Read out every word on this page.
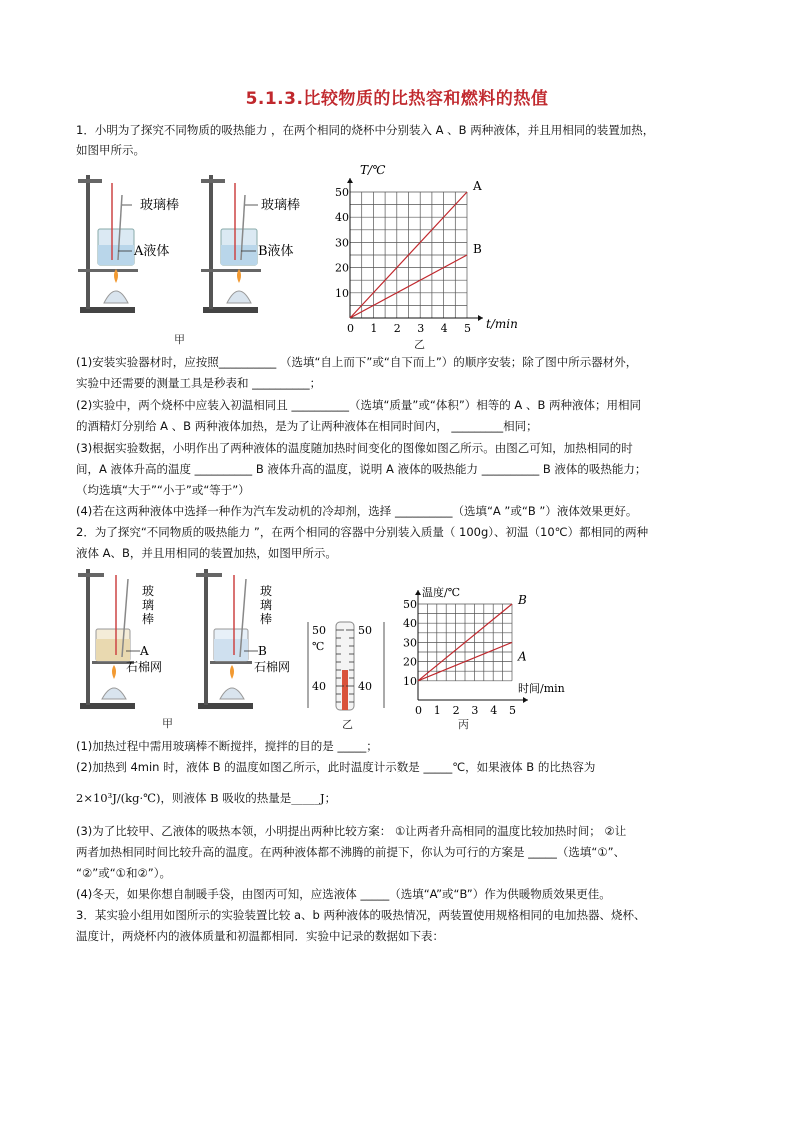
5.1.3.比较物质的比热容和燃料的热值
1．小明为了探究不同物质的吸热能力 ，在两个相同的烧杯中分别装入 A 、B 两种液体，并且用相同的装置加热，
如图甲所示。
玻璃棒
A液体
玻璃棒
B液体
甲
0 1 2 3 4 5
10
20
30
40
50	A
B
T/℃
t/min
乙
(1)安装实验器材时，应按照__________ （选填“自上而下”或“自下而上”）的顺序安装；除了图中所示器材外，
实验中还需要的测量工具是秒表和 __________；
(2)实验中，两个烧杯中应装入初温相同且 __________（选填“质量”或“体积”）相等的 A 、B 两种液体；用相同
的酒精灯分别给 A 、B 两种液体加热，是为了让两种液体在相同时间内， _________相同；
(3)根据实验数据，小明作出了两种液体的温度随加热时间变化的图像如图乙所示。由图乙可知，加热相同的时
间，A 液体升高的温度 __________ B 液体升高的温度，说明 A 液体的吸热能力 __________ B 液体的吸热能力；
（均选填“大于”“小于”或“等于”）
(4)若在这两种液体中选择一种作为汽车发动机的冷却剂，选择 __________（选填“A ”或“B ”）液体效果更好。
2．为了探究“不同物质的吸热能力 ”，在两个相同的容器中分别装入质量（ 100g）、初温（10℃）都相同的两种
液体 A、B，并且用相同的装置加热，如图甲所示。
玻
璃
棒
A
石棉网
玻
璃
棒
B
石棉网
甲
50	50
℃
40	40
乙
0 1 2 3 4 5
10
20
30
40
50	B
A
温度/℃
时间/min
丙
(1)加热过程中需用玻璃棒不断搅拌，搅拌的目的是 _____；
(2)加热到 4min 时，液体 B 的温度如图乙所示，此时温度计示数是 _____℃，如果液体 B 的比热容为
2×10³J/(kg·℃)，则液体 B 吸收的热量是_____J；
(3)为了比较甲、乙液体的吸热本领，小明提出两种比较方案： ①让两者升高相同的温度比较加热时间； ②让
两者加热相同时间比较升高的温度。在两种液体都不沸腾的前提下，你认为可行的方案是 _____（选填“①”、
“②”或“①和②”）。
(4)冬天，如果你想自制暖手袋，由图丙可知，应选液体 _____（选填“A”或“B”）作为供暖物质效果更佳。
3．某实验小组用如图所示的实验装置比较 a、b 两种液体的吸热情况，两装置使用规格相同的电加热器、烧杯、
温度计，两烧杯内的液体质量和初温都相同．实验中记录的数据如下表：
